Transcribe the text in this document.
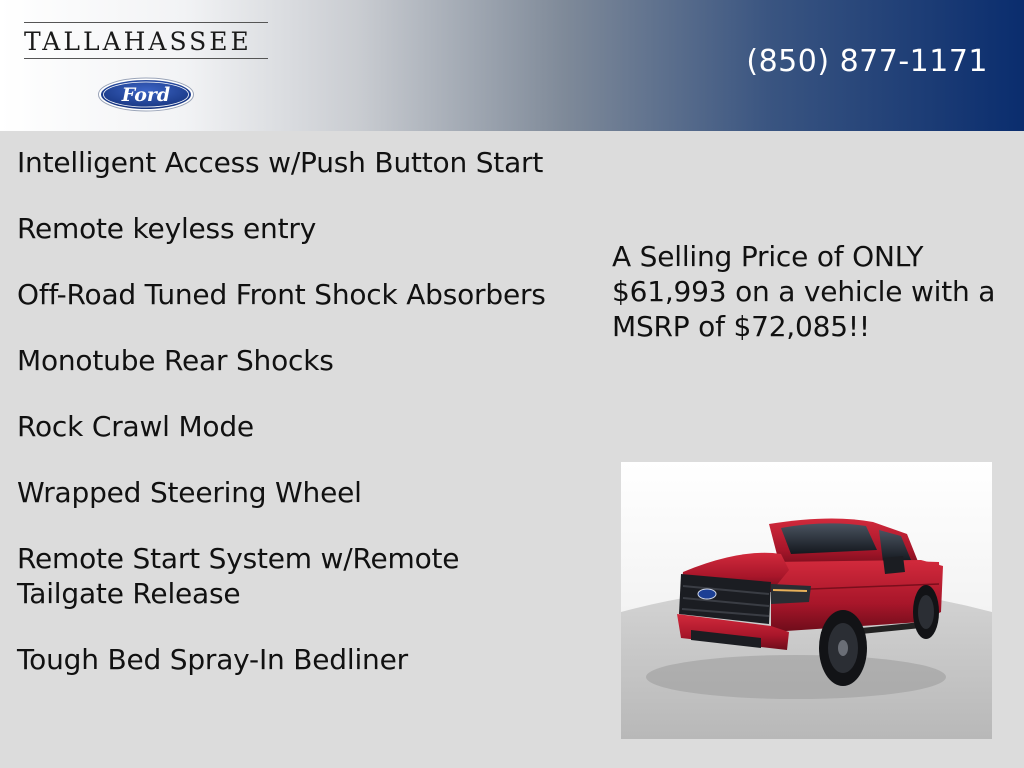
TALLAHASSEE
Ford
(850) 877-1171
Intelligent Access w/Push Button Start
Remote keyless entry
Off-Road Tuned Front Shock Absorbers
Monotube Rear Shocks
Rock Crawl Mode
Wrapped Steering Wheel
Remote Start System w/Remote Tailgate Release
Tough Bed Spray-In Bedliner
A Selling Price of ONLY $61,993 on a vehicle with a MSRP of $72,085!!
